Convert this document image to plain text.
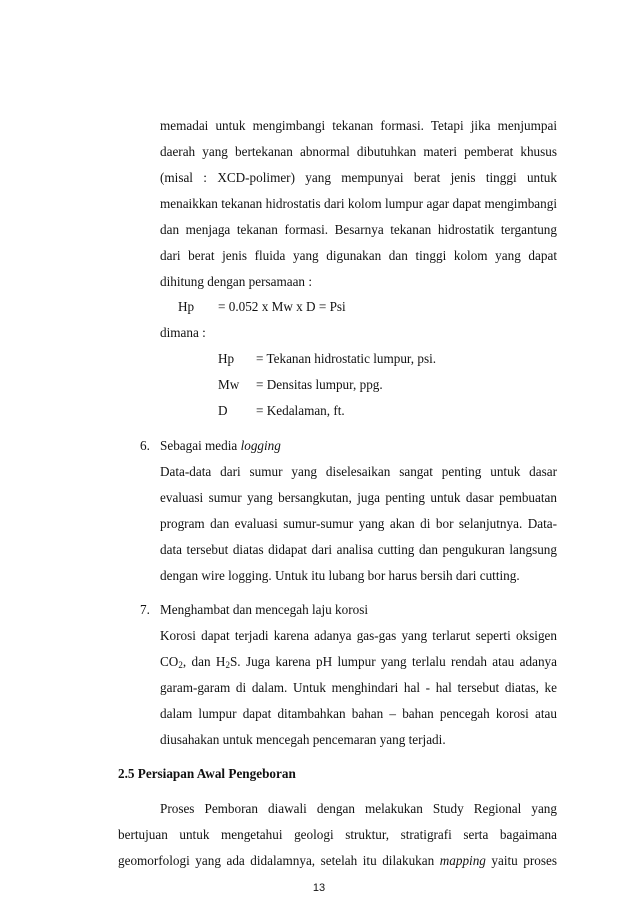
memadai untuk mengimbangi tekanan formasi. Tetapi jika menjumpai
daerah yang bertekanan abnormal dibutuhkan materi pemberat khusus
(misal : XCD-polimer) yang mempunyai berat jenis tinggi untuk
menaikkan tekanan hidrostatis dari kolom lumpur agar dapat mengimbangi
dan menjaga tekanan formasi. Besarnya tekanan hidrostatik tergantung
dari berat jenis fluida yang digunakan dan tinggi kolom yang dapat
dihitung dengan persamaan :
Hp = 0.052 x Mw x D = Psi
dimana :
Hp = Tekanan hidrostatic lumpur, psi.
Mw = Densitas lumpur, ppg.
D = Kedalaman, ft.
6. Sebagai media logging
Data-data dari sumur yang diselesaikan sangat penting untuk dasar
evaluasi sumur yang bersangkutan, juga penting untuk dasar pembuatan
program dan evaluasi sumur-sumur yang akan di bor selanjutnya. Data-
data tersebut diatas didapat dari analisa cutting dan pengukuran langsung
dengan wire logging. Untuk itu lubang bor harus bersih dari cutting.
7. Menghambat dan mencegah laju korosi
Korosi dapat terjadi karena adanya gas-gas yang terlarut seperti oksigen
$CO_2$, dan $H_2S$. Juga karena pH lumpur yang terlalu rendah atau adanya
garam-garam di dalam. Untuk menghindari hal - hal tersebut diatas, ke
dalam lumpur dapat ditambahkan bahan – bahan pencegah korosi atau
diusahakan untuk mencegah pencemaran yang terjadi.
2.5 Persiapan Awal Pengeboran
Proses Pemboran diawali dengan melakukan Study Regional yang
bertujuan untuk mengetahui geologi struktur, stratigrafi serta bagaimana
geomorfologi yang ada didalamnya, setelah itu dilakukan mapping yaitu proses
13
